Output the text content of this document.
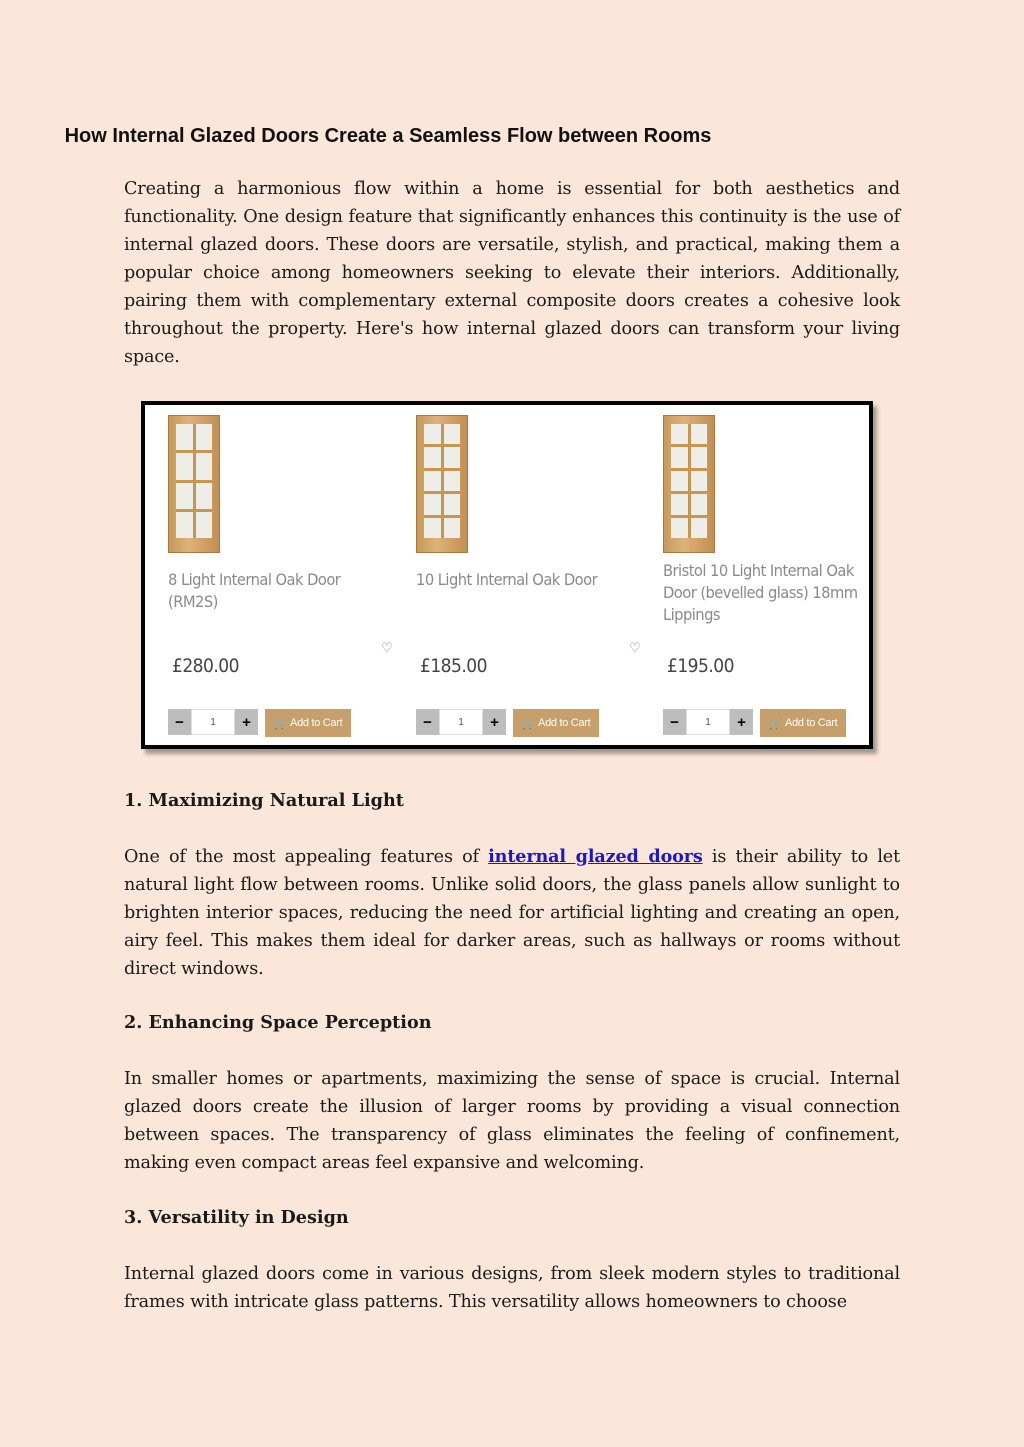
How Internal Glazed Doors Create a Seamless Flow between Rooms

Creating a harmonious flow within a home is essential for both aesthetics and functionality. One design feature that significantly enhances this continuity is the use of internal glazed doors. These doors are versatile, stylish, and practical, making them a popular choice among homeowners seeking to elevate their interiors. Additionally, pairing them with complementary external composite doors creates a cohesive look throughout the property. Here's how internal glazed doors can transform your living space.

1. Maximizing Natural Light

One of the most appealing features of internal glazed doors is their ability to let natural light flow between rooms. Unlike solid doors, the glass panels allow sunlight to brighten interior spaces, reducing the need for artificial lighting and creating an open, airy feel. This makes them ideal for darker areas, such as hallways or rooms without direct windows.

2. Enhancing Space Perception

In smaller homes or apartments, maximizing the sense of space is crucial. Internal glazed doors create the illusion of larger rooms by providing a visual connection between spaces. The transparency of glass eliminates the feeling of confinement, making even compact areas feel expansive and welcoming.

3. Versatility in Design

Internal glazed doors come in various designs, from sleek modern styles to traditional frames with intricate glass patterns. This versatility allows homeowners to choose

8 Light Internal Oak Door (RM2S)
♡
£280.00
−	1	+	🛒 Add to Cart
10 Light Internal Oak Door
♡
£185.00
−	1	+	🛒 Add to Cart
Bristol 10 Light Internal Oak Door (bevelled glass) 18mm Lippings
£195.00
−	1	+	🛒 Add to Cart
